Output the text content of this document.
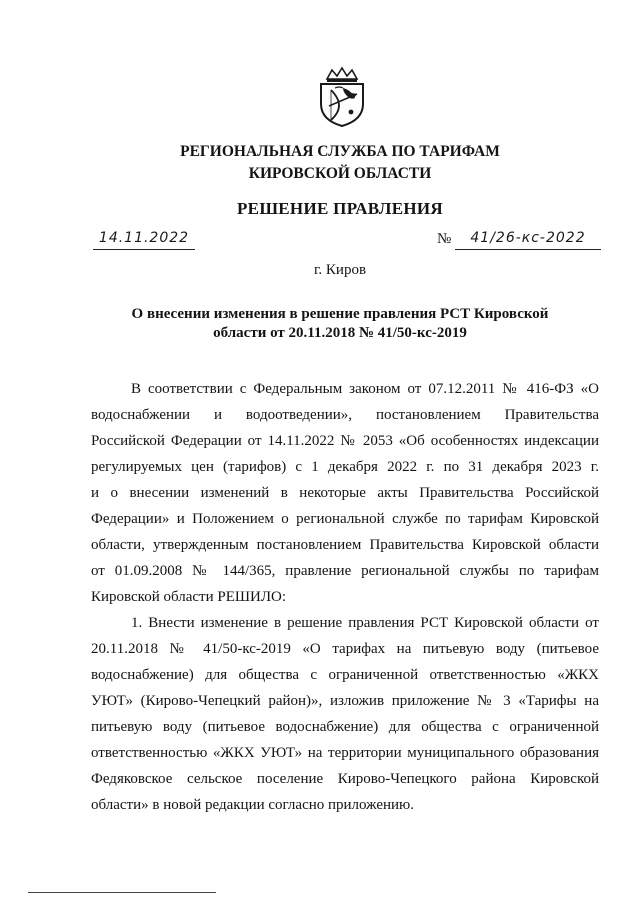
РЕГИОНАЛЬНАЯ СЛУЖБА ПО ТАРИФАМ
КИРОВСКОЙ ОБЛАСТИ
РЕШЕНИЕ ПРАВЛЕНИЯ
14.11.2022	№	41/26-кс-2022
г. Киров
О внесении изменения в решение правления РСТ Кировской области от 20.11.2018 № 41/50-кс-2019
В соответствии с Федеральным законом от 07.12.2011 № 416-ФЗ «О
водоснабжении и водоотведении», постановлением Правительства
Российской Федерации от 14.11.2022 № 2053 «Об особенностях индексации
регулируемых цен (тарифов) с 1 декабря 2022 г. по 31 декабря 2023 г.
и о внесении изменений в некоторые акты Правительства Российской
Федерации» и Положением о региональной службе по тарифам Кировской
области, утвержденным постановлением Правительства Кировской области
от 01.09.2008 № 144/365, правление региональной службы по тарифам
Кировской области РЕШИЛО:
1. Внести изменение в решение правления РСТ Кировской области от
20.11.2018 № 41/50-кс-2019 «О тарифах на питьевую воду (питьевое
водоснабжение) для общества с ограниченной ответственностью «ЖКХ
УЮТ» (Кирово-Чепецкий район)», изложив приложение № 3 «Тарифы на
питьевую воду (питьевое водоснабжение) для общества с ограниченной
ответственностью «ЖКХ УЮТ» на территории муниципального образования
Федяковское сельское поселение Кирово-Чепецкого района Кировской
области» в новой редакции согласно приложению.
